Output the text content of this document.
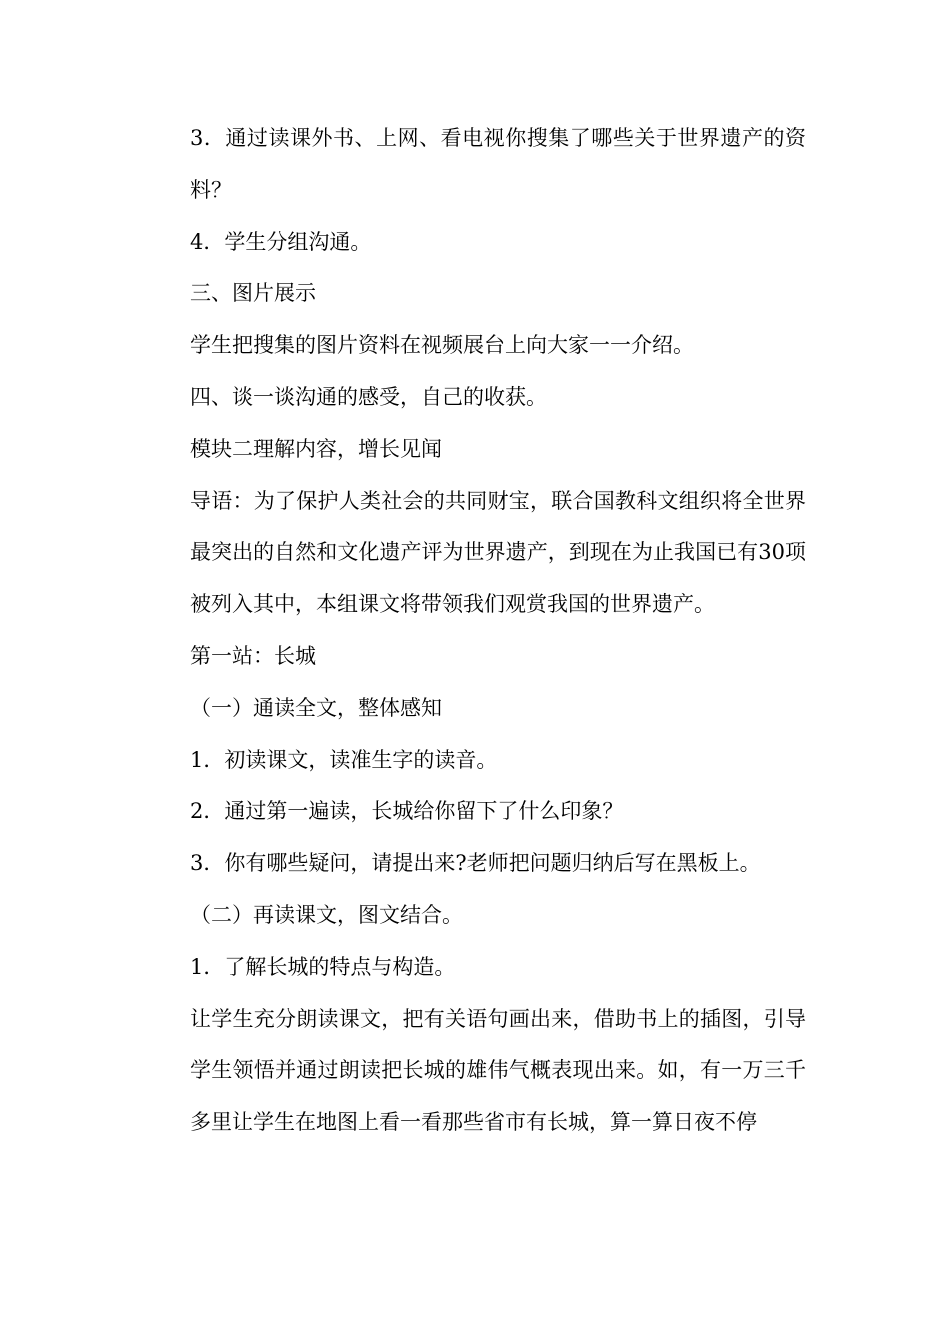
3．通过读课外书、上网、看电视你搜集了哪些关于世界遗产的资料？

4．学生分组沟通。

三、图片展示

学生把搜集的图片资料在视频展台上向大家一一介绍。

四、谈一谈沟通的感受，自己的收获。

模块二理解内容，增长见闻

导语：为了保护人类社会的共同财宝，联合国教科文组织将全世界最突出的自然和文化遗产评为世界遗产，到现在为止我国已有30项被列入其中，本组课文将带领我们观赏我国的世界遗产。

第一站：长城

（一）通读全文，整体感知

1．初读课文，读准生字的读音。

2．通过第一遍读，长城给你留下了什么印象？

3．你有哪些疑问，请提出来?老师把问题归纳后写在黑板上。

（二）再读课文，图文结合。

1．了解长城的特点与构造。

让学生充分朗读课文，把有关语句画出来，借助书上的插图，引导学生领悟并通过朗读把长城的雄伟气概表现出来。如，有一万三千多里让学生在地图上看一看那些省市有长城，算一算日夜不停
